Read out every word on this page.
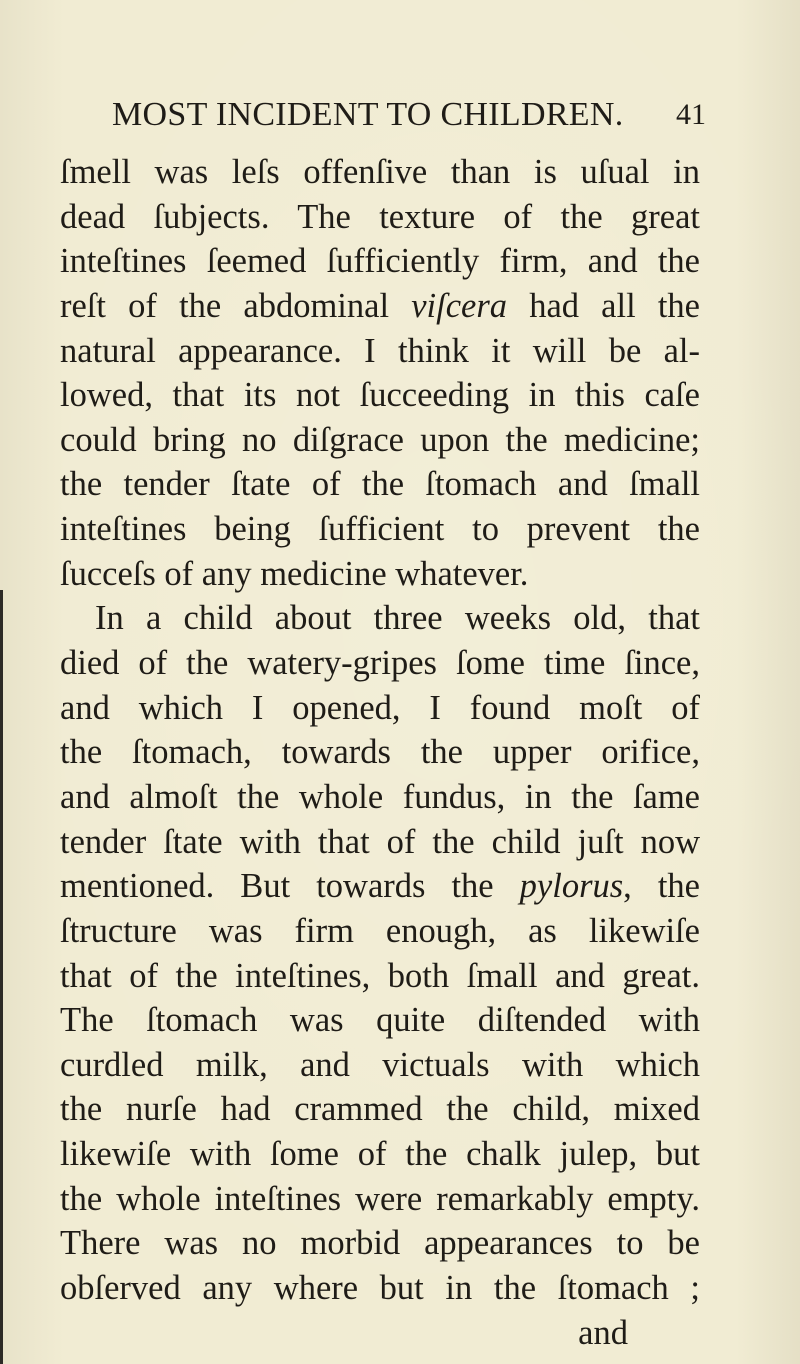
MOST INCIDENT TO CHILDREN. 41
ſmell was leſs offenſive than is uſual in
dead ſubjects. The texture of the great
inteſtines ſeemed ſufficiently firm, and the
reſt of the abdominal viſcera had all the
natural appearance. I think it will be al-
lowed, that its not ſucceeding in this caſe
could bring no diſgrace upon the medicine;
the tender ſtate of the ſtomach and ſmall
inteſtines being ſufficient to prevent the
ſucceſs of any medicine whatever.
In a child about three weeks old, that
died of the watery-gripes ſome time ſince,
and which I opened, I found moſt of
the ſtomach, towards the upper orifice,
and almoſt the whole fundus, in the ſame
tender ſtate with that of the child juſt now
mentioned. But towards the pylorus, the
ſtructure was firm enough, as likewiſe
that of the inteſtines, both ſmall and great.
The ſtomach was quite diſtended with
curdled milk, and victuals with which
the nurſe had crammed the child, mixed
likewiſe with ſome of the chalk julep, but
the whole inteſtines were remarkably empty.
There was no morbid appearances to be
obſerved any where but in the ſtomach ;
and
